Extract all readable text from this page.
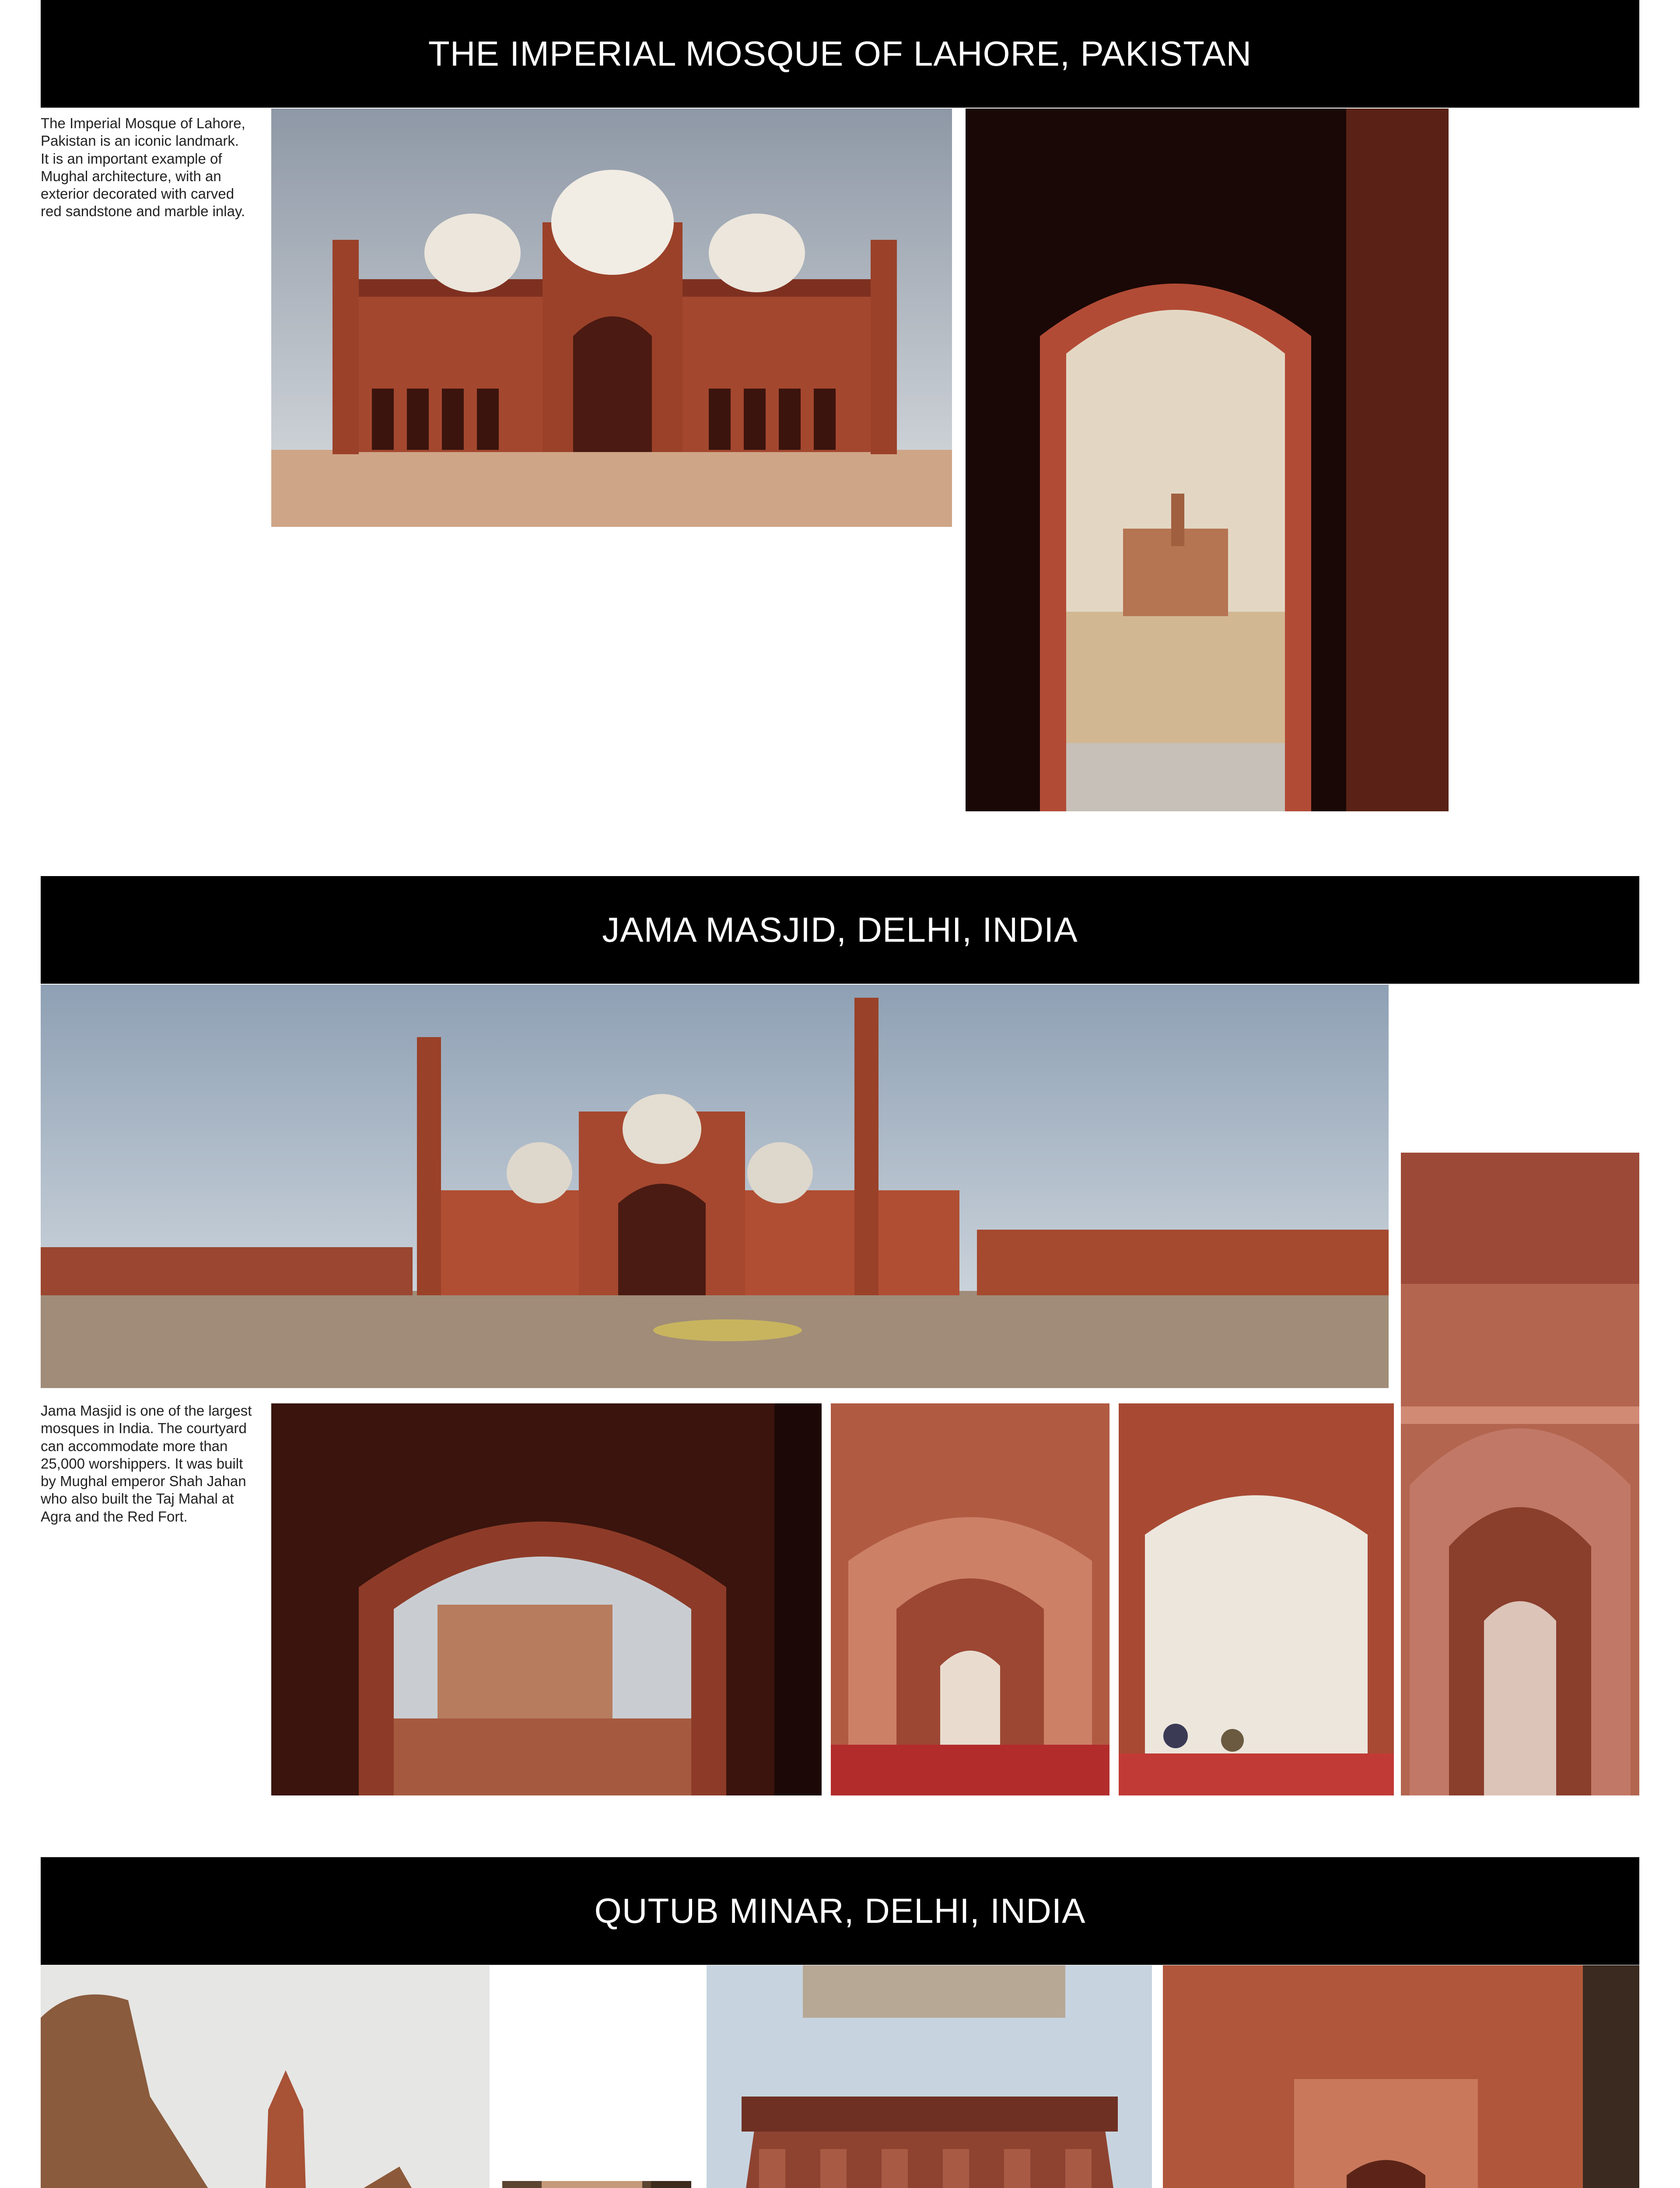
THE IMPERIAL MOSQUE OF LAHORE, PAKISTAN

The Imperial Mosque of Lahore, Pakistan is an iconic landmark. It is an important example of Mughal architecture, with an exterior decorated with carved red sandstone and marble inlay.

JAMA MASJID, DELHI, INDIA

Jama Masjid is one of the largest mosques in India. The courtyard can accommodate more than 25,000 worshippers. It was built by Mughal emperor Shah Jahan who also built the Taj Mahal at Agra and the Red Fort.

QUTUB MINAR, DELHI, INDIA
